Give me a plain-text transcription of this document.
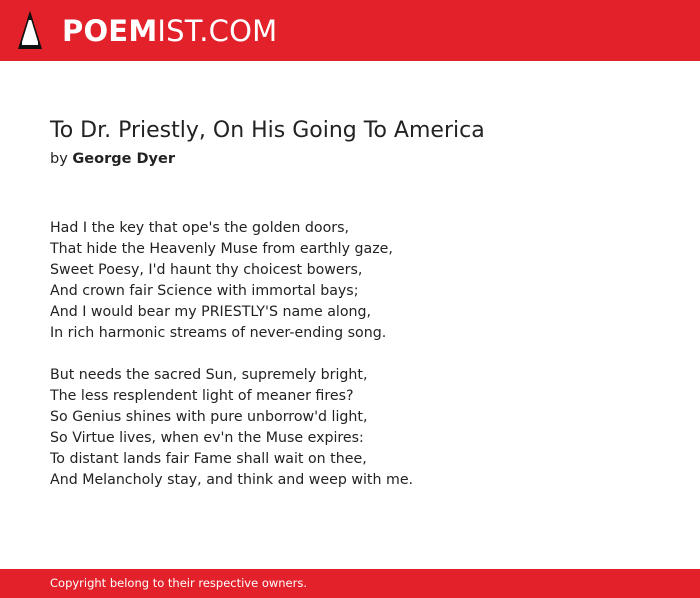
POEMIST.COM
To Dr. Priestly, On His Going To America
by George Dyer
Had I the key that ope's the golden doors,
That hide the Heavenly Muse from earthly gaze,
Sweet Poesy, I'd haunt thy choicest bowers,
And crown fair Science with immortal bays;
And I would bear my PRIESTLY'S name along,
In rich harmonic streams of never-ending song.
But needs the sacred Sun, supremely bright,
The less resplendent light of meaner fires?
So Genius shines with pure unborrow'd light,
So Virtue lives, when ev'n the Muse expires:
To distant lands fair Fame shall wait on thee,
And Melancholy stay, and think and weep with me.
Copyright belong to their respective owners.
